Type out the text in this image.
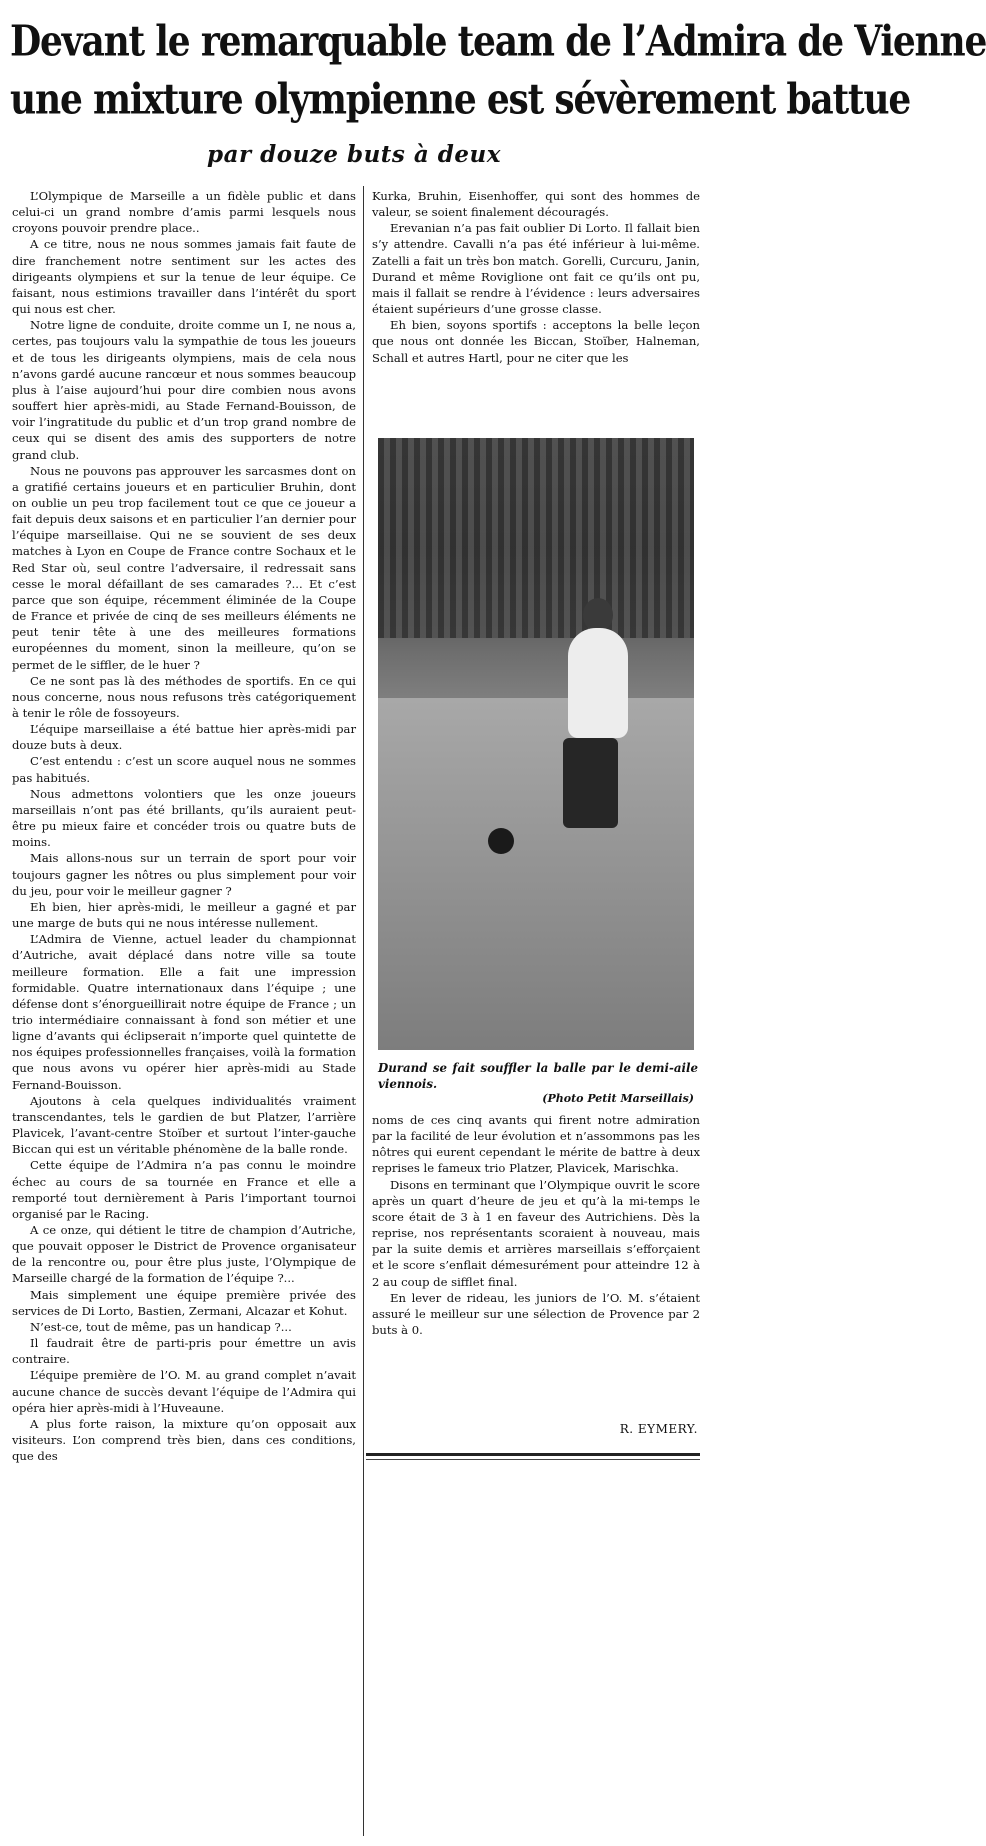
Devant le remarquable team de l’Admira de Vienne
une mixture olympienne est sévèrement battue
par douze buts à deux

L’Olympique de Marseille a un fidèle public et dans celui-ci un grand nombre d’amis parmi lesquels nous croyons pouvoir prendre place..

A ce titre, nous ne nous sommes jamais fait faute de dire franchement notre sentiment sur les actes des dirigeants olympiens et sur la tenue de leur équipe. Ce faisant, nous estimions travailler dans l’intérêt du sport qui nous est cher.

Notre ligne de conduite, droite comme un I, ne nous a, certes, pas toujours valu la sympathie de tous les joueurs et de tous les dirigeants olympiens, mais de cela nous n’avons gardé aucune rancœur et nous sommes beaucoup plus à l’aise aujourd’hui pour dire combien nous avons souffert hier après-midi, au Stade Fernand-Bouisson, de voir l’ingratitude du public et d’un trop grand nombre de ceux qui se disent des amis des supporters de notre grand club.

Nous ne pouvons pas approuver les sarcasmes dont on a gratifié certains joueurs et en particulier Bruhin, dont on oublie un peu trop facilement tout ce que ce joueur a fait depuis deux saisons et en particulier l’an dernier pour l’équipe marseillaise. Qui ne se souvient de ses deux matches à Lyon en Coupe de France contre Sochaux et le Red Star où, seul contre l’adversaire, il redressait sans cesse le moral défaillant de ses camarades ?... Et c’est parce que son équipe, récemment éliminée de la Coupe de France et privée de cinq de ses meilleurs éléments ne peut tenir tête à une des meilleures formations européennes du moment, sinon la meilleure, qu’on se permet de le siffler, de le huer ?

Ce ne sont pas là des méthodes de sportifs. En ce qui nous concerne, nous nous refusons très catégoriquement à tenir le rôle de fossoyeurs.

L’équipe marseillaise a été battue hier après-midi par douze buts à deux.

C’est entendu : c’est un score auquel nous ne sommes pas habitués.

Nous admettons volontiers que les onze joueurs marseillais n’ont pas été brillants, qu’ils auraient peut-être pu mieux faire et concéder trois ou quatre buts de moins.

Mais allons-nous sur un terrain de sport pour voir toujours gagner les nôtres ou plus simplement pour voir du jeu, pour voir le meilleur gagner ?

Eh bien, hier après-midi, le meilleur a gagné et par une marge de buts qui ne nous intéresse nullement.

L’Admira de Vienne, actuel leader du championnat d’Autriche, avait déplacé dans notre ville sa toute meilleure formation. Elle a fait une impression formidable. Quatre internationaux dans l’équipe ; une défense dont s’énorgueillirait notre équipe de France ; un trio intermédiaire connaissant à fond son métier et une ligne d’avants qui éclipserait n’importe quel quintette de nos équipes professionnelles françaises, voilà la formation que nous avons vu opérer hier après-midi au Stade Fernand-Bouisson.

Ajoutons à cela quelques individualités vraiment transcendantes, tels le gardien de but Platzer, l’arrière Plavicek, l’avant-centre Stoïber et surtout l’inter-gauche Biccan qui est un véritable phénomène de la balle ronde.

Cette équipe de l’Admira n’a pas connu le moindre échec au cours de sa tournée en France et elle a remporté tout dernièrement à Paris l’important tournoi organisé par le Racing.

A ce onze, qui détient le titre de champion d’Autriche, que pouvait opposer le District de Provence organisateur de la rencontre ou, pour être plus juste, l’Olympique de Marseille chargé de la formation de l’équipe ?...

Mais simplement une équipe première privée des services de Di Lorto, Bastien, Zermani, Alcazar et Kohut.

N’est-ce, tout de même, pas un handicap ?...

Il faudrait être de parti-pris pour émettre un avis contraire.

L’équipe première de l’O. M. au grand complet n’avait aucune chance de succès devant l’équipe de l’Admira qui opéra hier après-midi à l’Huveaune.

A plus forte raison, la mixture qu’on opposait aux visiteurs. L’on comprend très bien, dans ces conditions, que des

Kurka, Bruhin, Eisenhoffer, qui sont des hommes de valeur, se soient finalement découragés.

Erevanian n’a pas fait oublier Di Lorto. Il fallait bien s’y attendre. Cavalli n’a pas été inférieur à lui-même. Zatelli a fait un très bon match. Gorelli, Curcuru, Janin, Durand et même Roviglione ont fait ce qu’ils ont pu, mais il fallait se rendre à l’évidence : leurs adversaires étaient supérieurs d’une grosse classe.

Eh bien, soyons sportifs : acceptons la belle leçon que nous ont donnée les Biccan, Stoïber, Halneman, Schall et autres Hartl, pour ne citer que les

Durand se fait souffler la balle par le demi-aile viennois.
(Photo Petit Marseillais)

noms de ces cinq avants qui firent notre admiration par la facilité de leur évolution et n’assommons pas les nôtres qui eurent cependant le mérite de battre à deux reprises le fameux trio Platzer, Plavicek, Marischka.

Disons en terminant que l’Olympique ouvrit le score après un quart d’heure de jeu et qu’à la mi-temps le score était de 3 à 1 en faveur des Autrichiens. Dès la reprise, nos représentants scoraient à nouveau, mais par la suite demis et arrières marseillais s’efforçaient et le score s’enflait démesurément pour atteindre 12 à 2 au coup de sifflet final.

En lever de rideau, les juniors de l’O. M. s’étaient assuré le meilleur sur une sélection de Provence par 2 buts à 0.

R. EYMERY.
